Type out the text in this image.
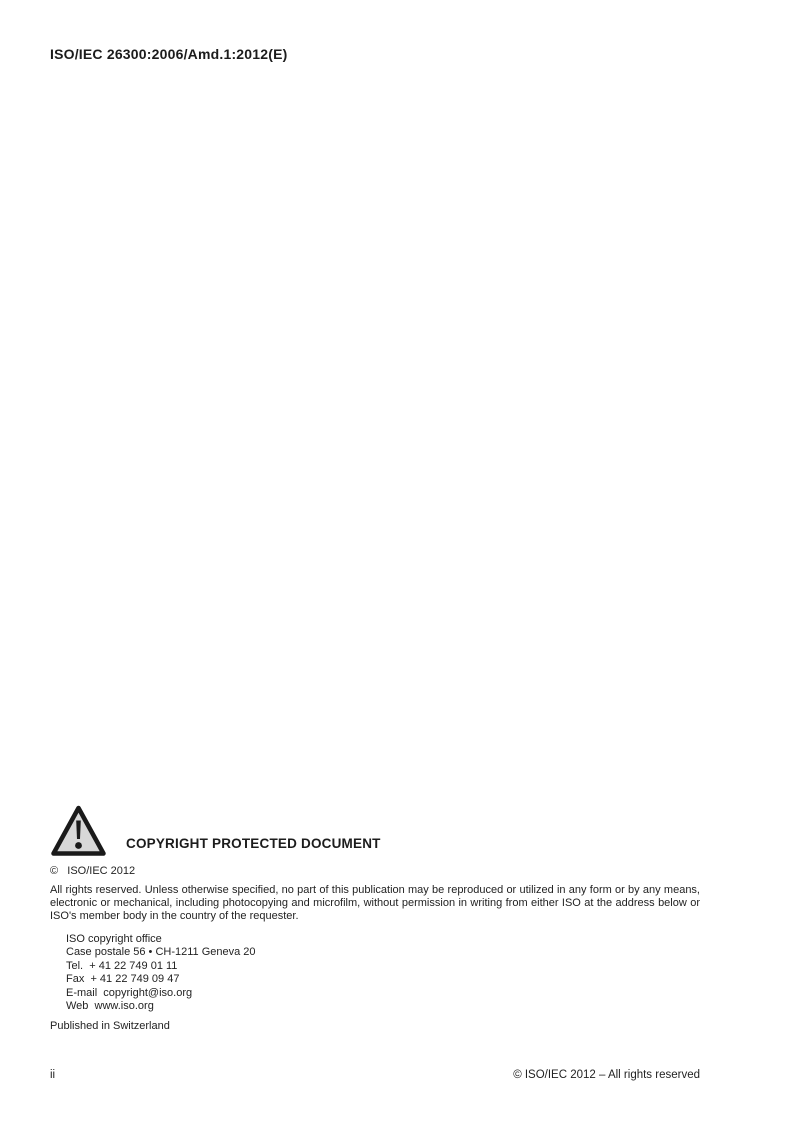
ISO/IEC 26300:2006/Amd.1:2012(E)
COPYRIGHT PROTECTED DOCUMENT
©   ISO/IEC 2012
All rights reserved. Unless otherwise specified, no part of this publication may be reproduced or utilized in any form or by any means, electronic or mechanical, including photocopying and microfilm, without permission in writing from either ISO at the address below or ISO's member body in the country of the requester.
ISO copyright office
Case postale 56 • CH-1211 Geneva 20
Tel.  + 41 22 749 01 11
Fax  + 41 22 749 09 47
E-mail  copyright@iso.org
Web  www.iso.org
Published in Switzerland
ii	© ISO/IEC 2012 – All rights reserved
